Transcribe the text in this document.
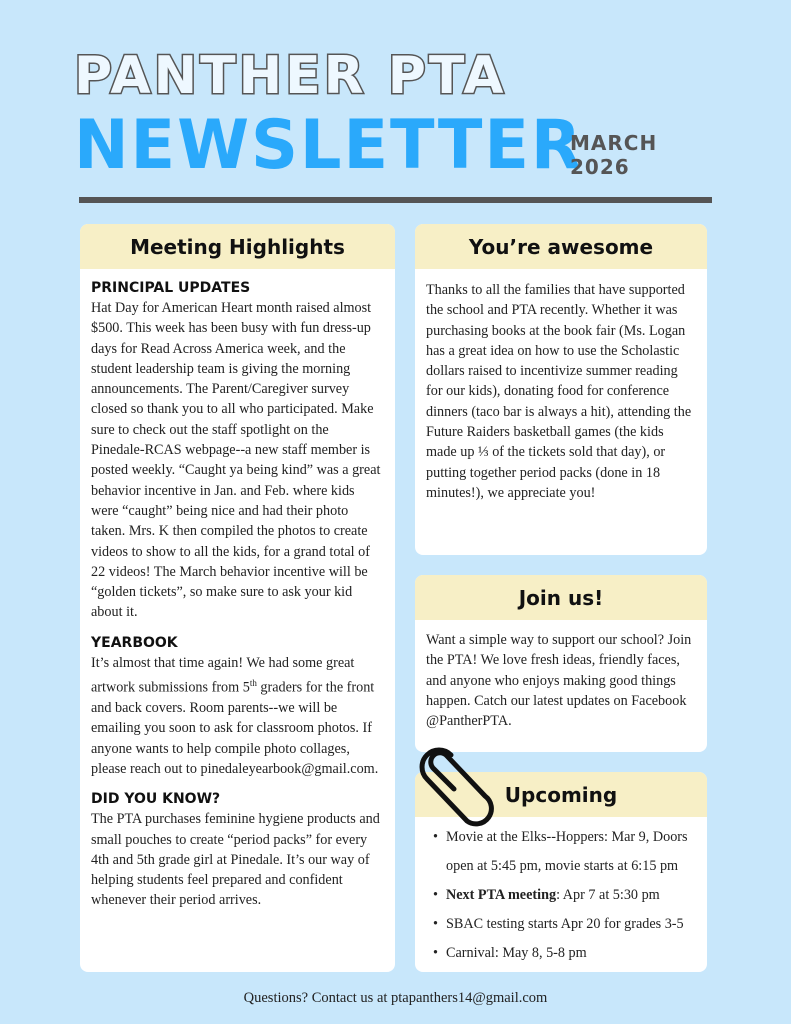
PANTHER PTA
NEWSLETTER
MARCH
2026
Meeting Highlights
PRINCIPAL UPDATES

Hat Day for American Heart month raised almost $500. This week has been busy with fun dress-up days for Read Across America week, and the student leadership team is giving the morning announcements. The Parent/Caregiver survey closed so thank you to all who participated. Make sure to check out the staff spotlight on the Pinedale-RCAS webpage--a new staff member is posted weekly. “Caught ya being kind” was a great behavior incentive in Jan. and Feb. where kids were “caught” being nice and had their photo taken. Mrs. K then compiled the photos to create videos to show to all the kids, for a grand total of 22 videos! The March behavior incentive will be “golden tickets”, so make sure to ask your kid about it.

YEARBOOK

It’s almost that time again! We had some great artwork submissions from 5th graders for the front and back covers. Room parents--we will be emailing you soon to ask for classroom photos. If anyone wants to help compile photo collages, please reach out to pinedaleyearbook@gmail.com.

DID YOU KNOW?

The PTA purchases feminine hygiene products and small pouches to create “period packs” for every 4th and 5th grade girl at Pinedale. It’s our way of helping students feel prepared and confident whenever their period arrives.

You’re awesome

Thanks to all the families that have supported the school and PTA recently. Whether it was purchasing books at the book fair (Ms. Logan has a great idea on how to use the Scholastic dollars raised to incentivize summer reading for our kids), donating food for conference dinners (taco bar is always a hit), attending the Future Raiders basketball games (the kids made up ⅓ of the tickets sold that day), or putting together period packs (done in 18 minutes!), we appreciate you!

Join us!

Want a simple way to support our school? Join the PTA! We love fresh ideas, friendly faces, and anyone who enjoys making good things happen. Catch our latest updates on Facebook @PantherPTA.

Upcoming
• Movie at the Elks--Hoppers: Mar 9, Doors open at 5:45 pm, movie starts at 6:15 pm
• Next PTA meeting: Apr 7 at 5:30 pm
• SBAC testing starts Apr 20 for grades 3-5
• Carnival: May 8, 5-8 pm
Questions? Contact us at ptapanthers14@gmail.com
